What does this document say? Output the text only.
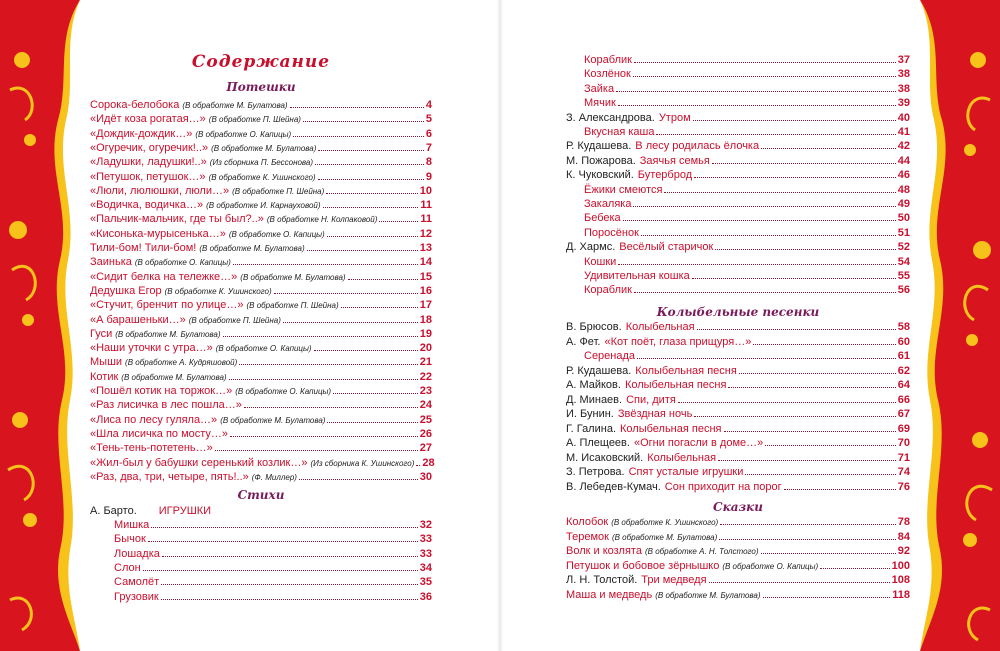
Содержание
Потешки
Сорока-белобока (В обработке М. Булатова)	4
«Идёт коза рогатая…» (В обработке П. Шейна)	5
«Дождик-дождик…» (В обработке О. Капицы)	6
«Огуречик, огуречик!..» (В обработке М. Булатова)	7
«Ладушки, ладушки!..» (Из сборника П. Бессонова)	8
«Петушок, петушок…» (В обработке К. Ушинского)	9
«Люли, люлюшки, люли…» (В обработке П. Шейна)	10
«Водичка, водичка…» (В обработке И. Карнауховой)	11
«Пальчик-мальчик, где ты был?..» (В обработке Н. Колпаковой)	11
«Кисонька-мурысенька…» (В обработке О. Капицы)	12
Тили-бом! Тили-бом! (В обработке М. Булатова)	13
Заинька (В обработке О. Капицы)	14
«Сидит белка на тележке…» (В обработке М. Булатова)	15
Дедушка Егор (В обработке К. Ушинского)	16
«Стучит, бренчит по улице…» (В обработке П. Шейна)	17
«А барашеньки…» (В обработке П. Шейна)	18
Гуси (В обработке М. Булатова)	19
«Наши уточки с утра…» (В обработке О. Капицы)	20
Мыши (В обработке А. Кудряшовой)	21
Котик (В обработке М. Булатова)	22
«Пошёл котик на торжок…» (В обработке О. Капицы)	23
«Раз лисичка в лес пошла…»	24
«Лиса по лесу гуляла…» (В обработке М. Булатова)	25
«Шла лисичка по мосту…»	26
«Тень-тень-потетень…»	27
«Жил-был у бабушки серенький козлик…» (Из сборника К. Ушинского) 28
«Раз, два, три, четыре, пять!..» (Ф. Миллер)	30
Стихи
А. Барто. ИГРУШКИ
Мишка	32
Бычок	33
Лошадка	33
Слон	34
Самолёт	35
Грузовик	36
Кораблик	37
Козлёнок	38
Зайка	38
Мячик	39
З. Александрова. Утром	40
Вкусная каша	41
Р. Кудашева. В лесу родилась ёлочка	42
М. Пожарова. Заячья семья	44
К. Чуковский. Бутерброд	46
Ёжики смеются	48
Закаляка	49
Бебека	50
Поросёнок	51
Д. Хармс. Весёлый старичок	52
Кошки	54
Удивительная кошка	55
Кораблик	56
Колыбельные песенки
В. Брюсов. Колыбельная	58
А. Фет. «Кот поёт, глаза прищуря…»	60
Серенада	61
Р. Кудашева. Колыбельная песня	62
А. Майков. Колыбельная песня	64
Д. Минаев. Спи, дитя	66
И. Бунин. Звёздная ночь	67
Г. Галина. Колыбельная песня	69
А. Плещеев. «Огни погасли в доме…»	70
М. Исаковский. Колыбельная	71
З. Петрова. Спят усталые игрушки	74
В. Лебедев-Кумач. Сон приходит на порог	76
Сказки
Колобок (В обработке К. Ушинского)	78
Теремок (В обработке М. Булатова)	84
Волк и козлята (В обработке А. Н. Толстого)	92
Петушок и бобовое зёрнышко (В обработке О. Капицы)	100
Л. Н. Толстой. Три медведя	108
Маша и медведь (В обработке М. Булатова)	118
